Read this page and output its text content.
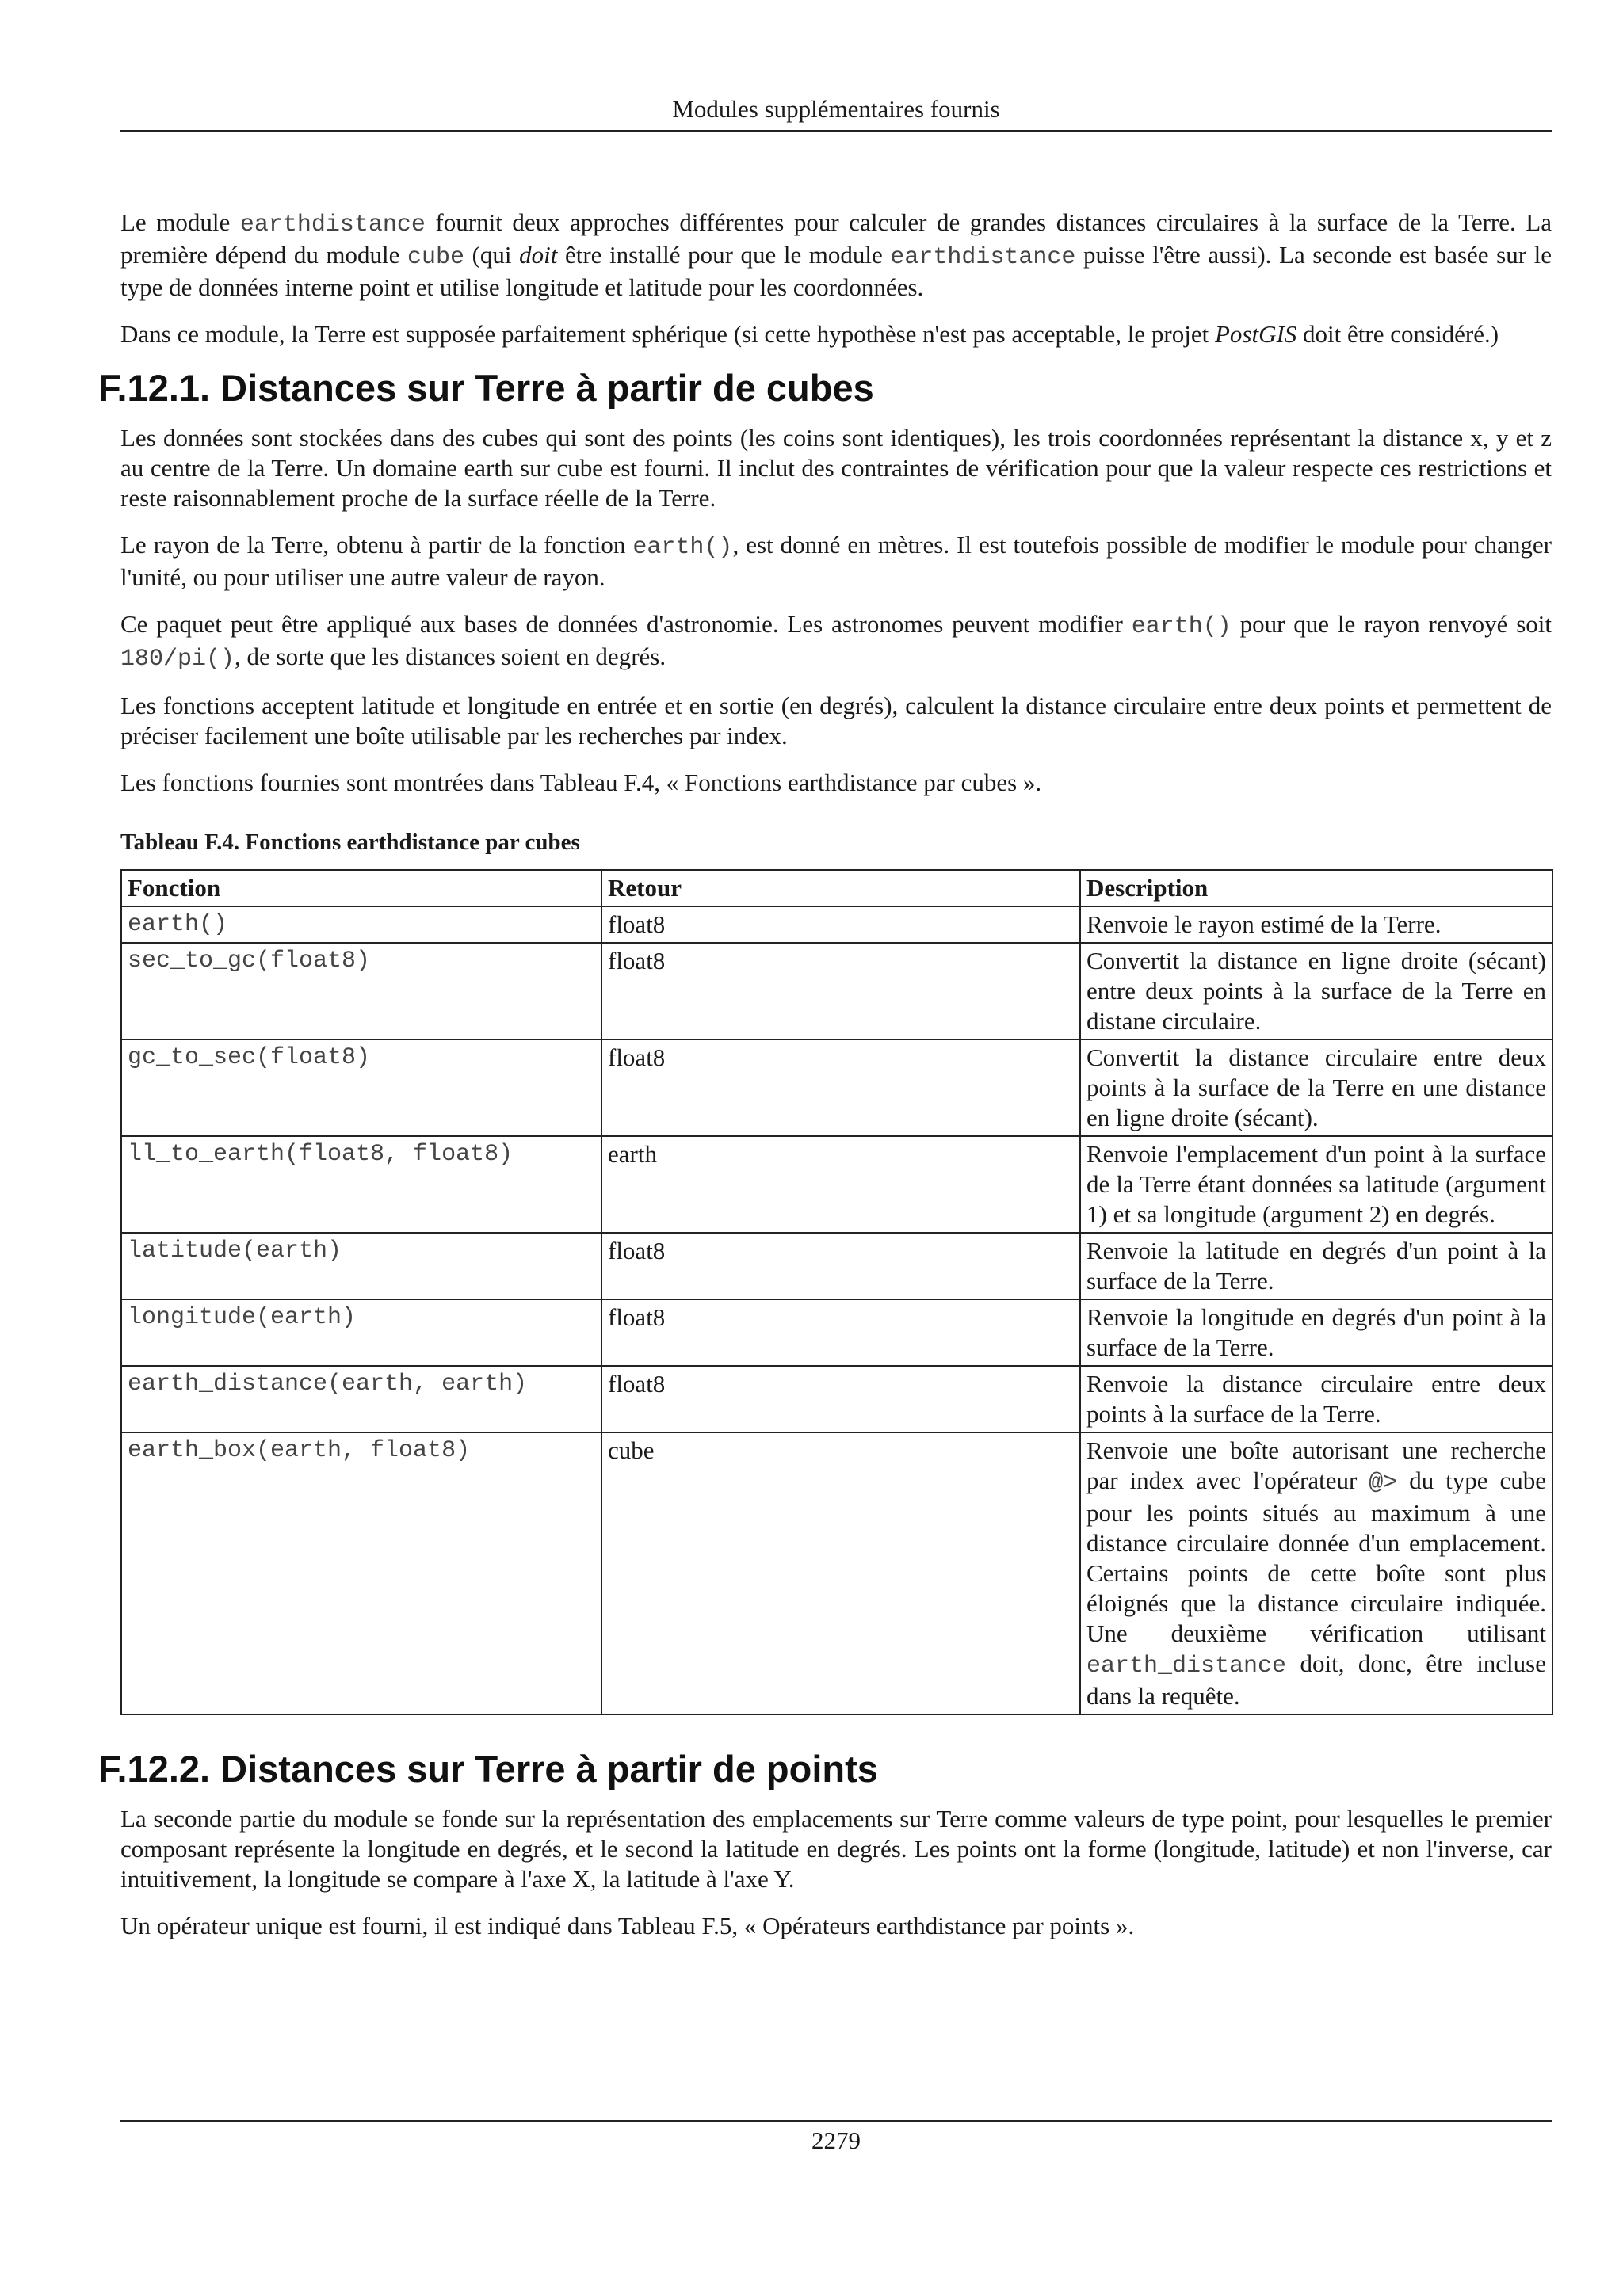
Modules supplémentaires fournis

Le module earthdistance fournit deux approches différentes pour calculer de grandes distances circulaires à la surface de la Terre. La première dépend du module cube (qui doit être installé pour que le module earthdistance puisse l'être aussi). La seconde est basée sur le type de données interne point et utilise longitude et latitude pour les coordonnées.

Dans ce module, la Terre est supposée parfaitement sphérique (si cette hypothèse n'est pas acceptable, le projet PostGIS doit être considéré.)

F.12.1. Distances sur Terre à partir de cubes

Les données sont stockées dans des cubes qui sont des points (les coins sont identiques), les trois coordonnées représentant la distance x, y et z au centre de la Terre. Un domaine earth sur cube est fourni. Il inclut des contraintes de vérification pour que la valeur respecte ces restrictions et reste raisonnablement proche de la surface réelle de la Terre.

Le rayon de la Terre, obtenu à partir de la fonction earth(), est donné en mètres. Il est toutefois possible de modifier le module pour changer l'unité, ou pour utiliser une autre valeur de rayon.

Ce paquet peut être appliqué aux bases de données d'astronomie. Les astronomes peuvent modifier earth() pour que le rayon renvoyé soit 180/pi(), de sorte que les distances soient en degrés.

Les fonctions acceptent latitude et longitude en entrée et en sortie (en degrés), calculent la distance circulaire entre deux points et permettent de préciser facilement une boîte utilisable par les recherches par index.

Les fonctions fournies sont montrées dans Tableau F.4, « Fonctions earthdistance par cubes ».

Tableau F.4. Fonctions earthdistance par cubes
Fonction	Retour	Description
earth()	float8	Renvoie le rayon estimé de la Terre.
sec_to_gc(float8)	float8	Convertit la distance en ligne droite (sécant) entre deux points à la surface de la Terre en distane circulaire.
gc_to_sec(float8)	float8	Convertit la distance circulaire entre deux points à la surface de la Terre en une distance en ligne droite (sécant).
ll_to_earth(float8, float8)	earth	Renvoie l'emplacement d'un point à la surface de la Terre étant données sa latitude (argument 1) et sa longitude (argument 2) en degrés.
latitude(earth)	float8	Renvoie la latitude en degrés d'un point à la surface de la Terre.
longitude(earth)	float8	Renvoie la longitude en degrés d'un point à la surface de la Terre.
earth_distance(earth, earth)	float8	Renvoie la distance circulaire entre deux points à la surface de la Terre.
earth_box(earth, float8)	cube	Renvoie une boîte autorisant une recherche par index avec l'opérateur @> du type cube pour les points situés au maximum à une distance circulaire donnée d'un emplacement. Certains points de cette boîte sont plus éloignés que la distance circulaire indiquée. Une deuxième vérification utilisant earth_distance doit, donc, être incluse dans la requête.
F.12.2. Distances sur Terre à partir de points

La seconde partie du module se fonde sur la représentation des emplacements sur Terre comme valeurs de type point, pour lesquelles le premier composant représente la longitude en degrés, et le second la latitude en degrés. Les points ont la forme (longitude, latitude) et non l'inverse, car intuitivement, la longitude se compare à l'axe X, la latitude à l'axe Y.

Un opérateur unique est fourni, il est indiqué dans Tableau F.5, « Opérateurs earthdistance par points ».

2279
